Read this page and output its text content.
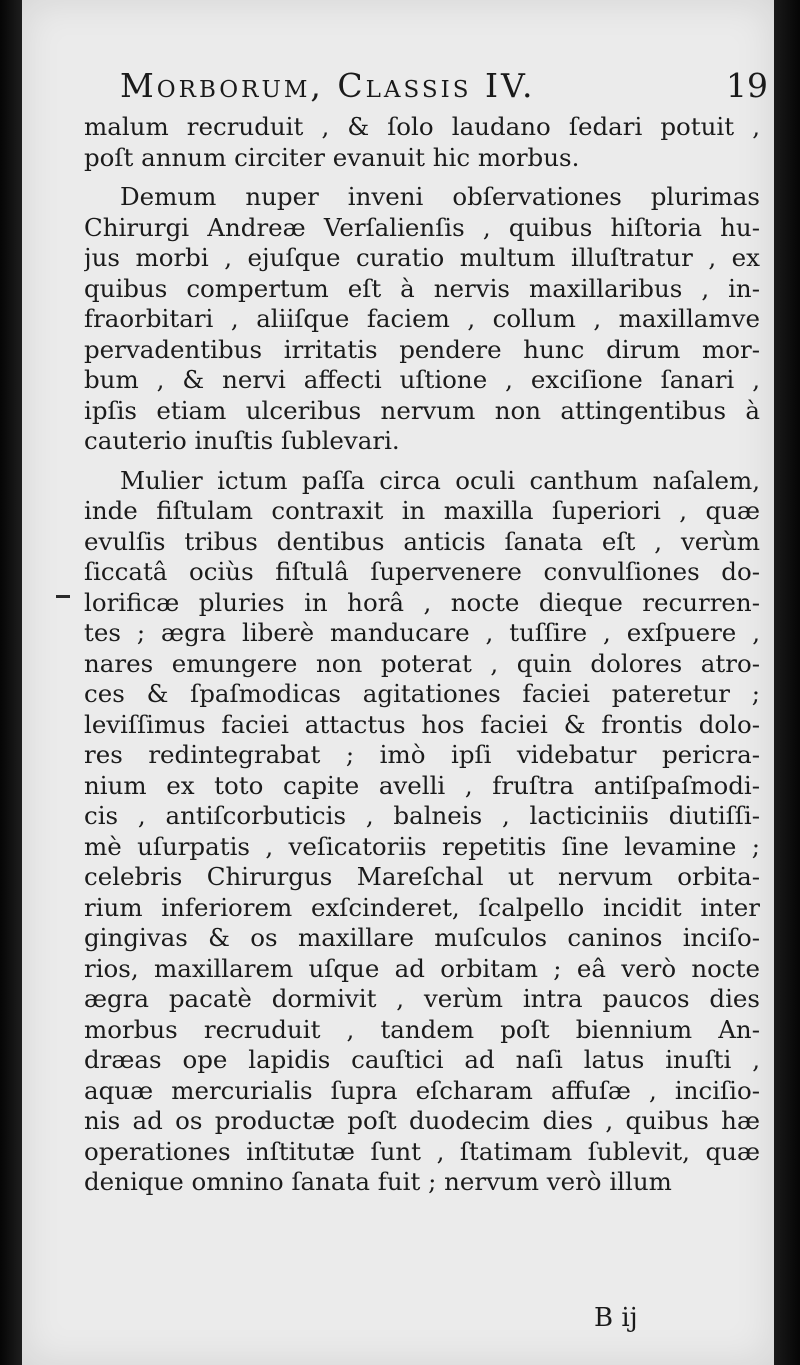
Morborum, Classis IV.	19
malum recruduit , & ſolo laudano ſedari potuit ,
poſt annum circiter evanuit hic morbus.
Demum nuper inveni obſervationes plurimas
Chirurgi Andreæ Verſalienſis , quibus hiſtoria hu-
jus morbi , ejuſque curatio multum illuſtratur , ex
quibus compertum eſt à nervis maxillaribus , in-
fraorbitari , aliiſque faciem , collum , maxillamve
pervadentibus irritatis pendere hunc dirum mor-
bum , & nervi affecti uſtione , exciſione ſanari ,
ipſis etiam ulceribus nervum non attingentibus à
cauterio inuſtis ſublevari.
Mulier ictum paſſa circa oculi canthum naſalem,
inde fiſtulam contraxit in maxilla ſuperiori , quæ
evulſis tribus dentibus anticis ſanata eſt , verùm
ſiccatâ ociùs fiſtulâ ſupervenere convulſiones do-
lorificæ pluries in horâ , nocte dieque recurren-
tes ; ægra liberè manducare , tuſſire , exſpuere ,
nares emungere non poterat , quin dolores atro-
ces & ſpaſmodicas agitationes faciei pateretur ;
leviſſimus faciei attactus hos faciei & frontis dolo-
res redintegrabat ; imò ipſi videbatur pericra-
nium ex toto capite avelli , fruſtra antiſpaſmodi-
cis , antiſcorbuticis , balneis , lacticiniis diutiſſi-
mè uſurpatis , veſicatoriis repetitis ſine levamine ;
celebris Chirurgus Mareſchal ut nervum orbita-
rium inferiorem exſcinderet, ſcalpello incidit inter
gingivas & os maxillare muſculos caninos inciſo-
rios, maxillarem uſque ad orbitam ; eâ verò nocte
ægra pacatè dormivit , verùm intra paucos dies
morbus recruduit , tandem poſt biennium An-
dræas ope lapidis cauſtici ad naſi latus inuſti ,
aquæ mercurialis ſupra eſcharam affuſæ , inciſio-
nis ad os productæ poſt duodecim dies , quibus hæ
operationes inſtitutæ ſunt , ſtatimam ſublevit, quæ
denique omnino ſanata fuit ; nervum verò illum
B ij
